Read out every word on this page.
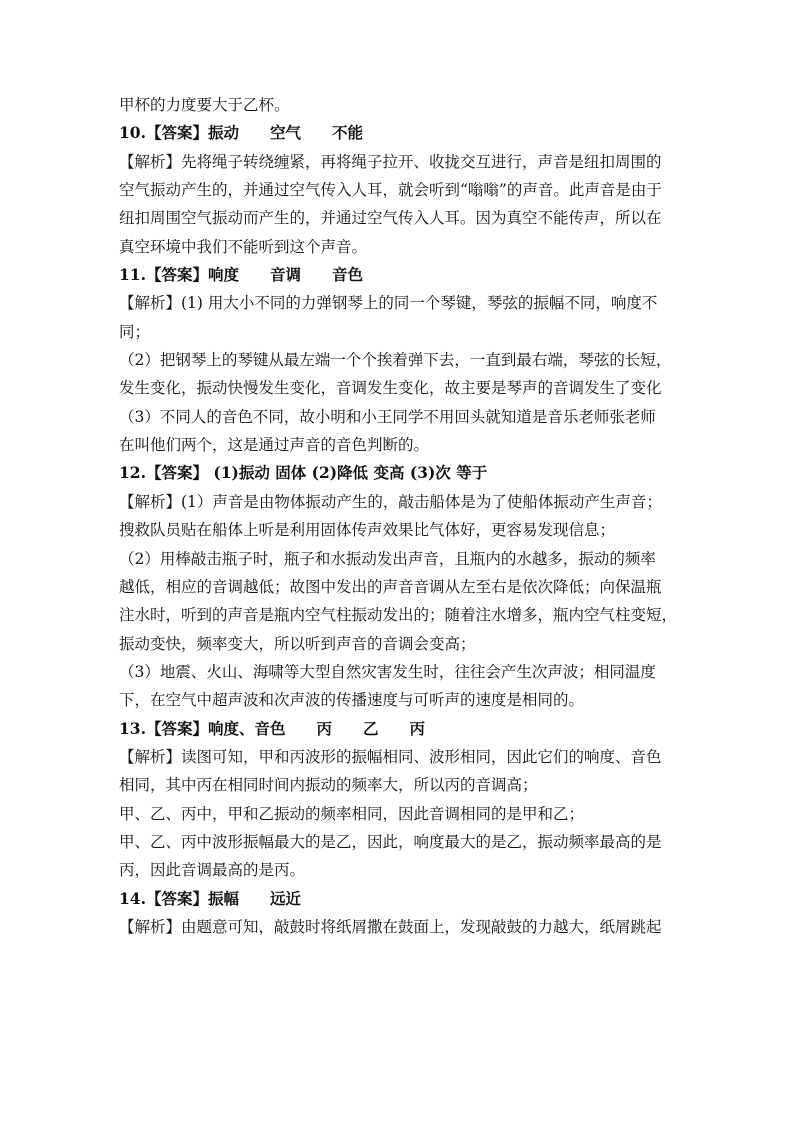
甲杯的力度要大于乙杯。
10.【答案】振动　　空气　　不能
【解析】先将绳子转绕缠紧，再将绳子拉开、收拢交互进行，声音是纽扣周围的
空气振动产生的，并通过空气传入人耳，就会听到“嗡嗡”的声音。此声音是由于
纽扣周围空气振动而产生的，并通过空气传入人耳。因为真空不能传声，所以在
真空环境中我们不能听到这个声音。
11.【答案】响度　　音调　　音色
【解析】(1) 用大小不同的力弹钢琴上的同一个琴键，琴弦的振幅不同，响度不
同；
（2）把钢琴上的琴键从最左端一个个挨着弹下去，一直到最右端，琴弦的长短，
发生变化，振动快慢发生变化，音调发生变化，故主要是琴声的音调发生了变化
（3）不同人的音色不同，故小明和小王同学不用回头就知道是音乐老师张老师
在叫他们两个，这是通过声音的音色判断的。
12.【答案】 (1)振动 固体 (2)降低 变高 (3)次 等于
【解析】(1）声音是由物体振动产生的，敲击船体是为了使船体振动产生声音；
搜救队员贴在船体上听是利用固体传声效果比气体好，更容易发现信息；
（2）用棒敲击瓶子时，瓶子和水振动发出声音，且瓶内的水越多，振动的频率
越低，相应的音调越低；故图中发出的声音音调从左至右是依次降低；向保温瓶
注水时，听到的声音是瓶内空气柱振动发出的；随着注水增多，瓶内空气柱变短，
振动变快，频率变大，所以听到声音的音调会变高；
（3）地震、火山、海啸等大型自然灾害发生时，往往会产生次声波；相同温度
下，在空气中超声波和次声波的传播速度与可听声的速度是相同的。
13.【答案】响度、音色　　丙　　乙　　丙
【解析】读图可知，甲和丙波形的振幅相同、波形相同，因此它们的响度、音色
相同，其中丙在相同时间内振动的频率大，所以丙的音调高；
甲、乙、丙中，甲和乙振动的频率相同，因此音调相同的是甲和乙；
甲、乙、丙中波形振幅最大的是乙，因此，响度最大的是乙，振动频率最高的是
丙，因此音调最高的是丙。
14.【答案】振幅　　远近
【解析】由题意可知，敲鼓时将纸屑撒在鼓面上，发现敲鼓的力越大，纸屑跳起
